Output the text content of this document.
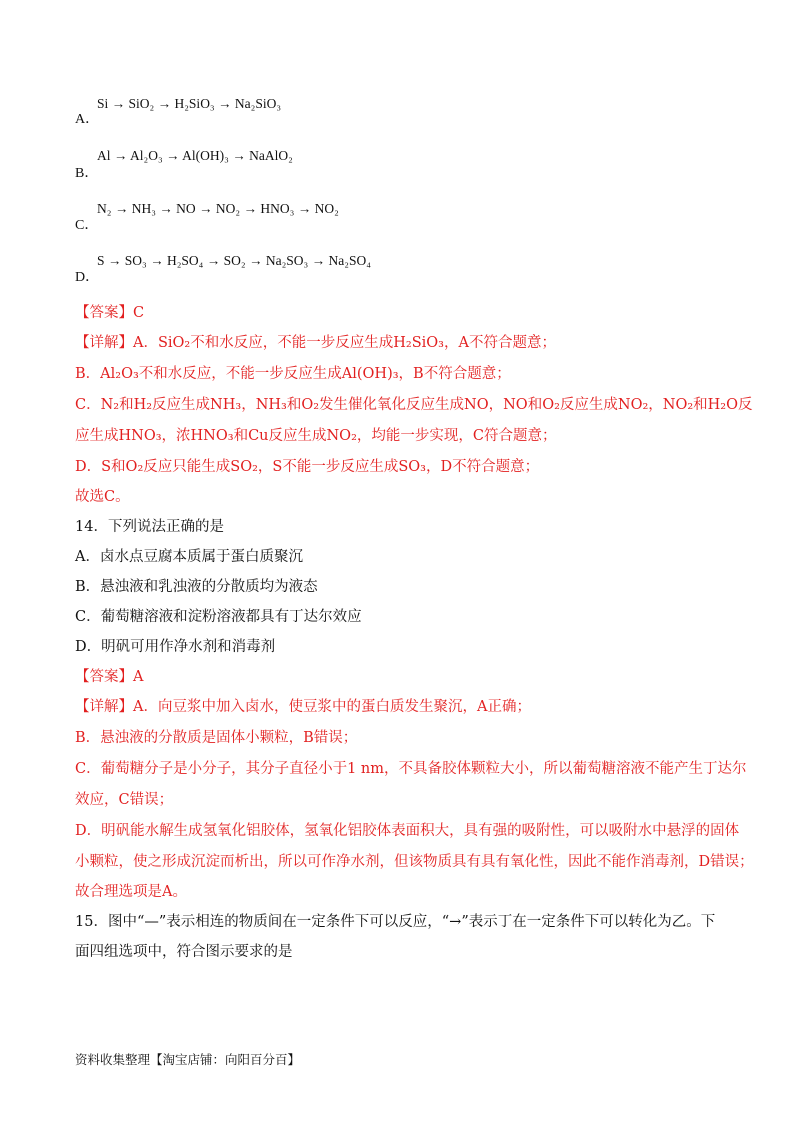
Si → SiO₂ → H₂SiO₃ → Na₂SiO₃
A．
Al → Al₂O₃ → Al(OH)₃ → NaAlO₂
B．
N₂ → NH₃ → NO → NO₂ → HNO₃ → NO₂
C．
S → SO₃ → H₂SO₄ → SO₂ → Na₂SO₃ → Na₂SO₄
D．
【答案】C
【详解】A．SiO₂不和水反应，不能一步反应生成H₂SiO₃，A不符合题意；
B．Al₂O₃不和水反应，不能一步反应生成Al(OH)₃，B不符合题意；
C．N₂和H₂反应生成NH₃，NH₃和O₂发生催化氧化反应生成NO，NO和O₂反应生成NO₂，NO₂和H₂O反
应生成HNO₃，浓HNO₃和Cu反应生成NO₂，均能一步实现，C符合题意；
D．S和O₂反应只能生成SO₂，S不能一步反应生成SO₃，D不符合题意；
故选C。
14．下列说法正确的是
A．卤水点豆腐本质属于蛋白质聚沉
B．悬浊液和乳浊液的分散质均为液态
C．葡萄糖溶液和淀粉溶液都具有丁达尔效应
D．明矾可用作净水剂和消毒剂
【答案】A
【详解】A．向豆浆中加入卤水，使豆浆中的蛋白质发生聚沉，A正确；
B．悬浊液的分散质是固体小颗粒，B错误；
C．葡萄糖分子是小分子，其分子直径小于1 nm，不具备胶体颗粒大小，所以葡萄糖溶液不能产生丁达尔
效应，C错误；
D．明矾能水解生成氢氧化铝胶体，氢氧化铝胶体表面积大，具有强的吸附性，可以吸附水中悬浮的固体
小颗粒，使之形成沉淀而析出，所以可作净水剂，但该物质具有具有氧化性，因此不能作消毒剂，D错误；
故合理选项是A。
15．图中“—”表示相连的物质间在一定条件下可以反应，“→”表示丁在一定条件下可以转化为乙。下
面四组选项中，符合图示要求的是
资料收集整理【淘宝店铺：向阳百分百】
